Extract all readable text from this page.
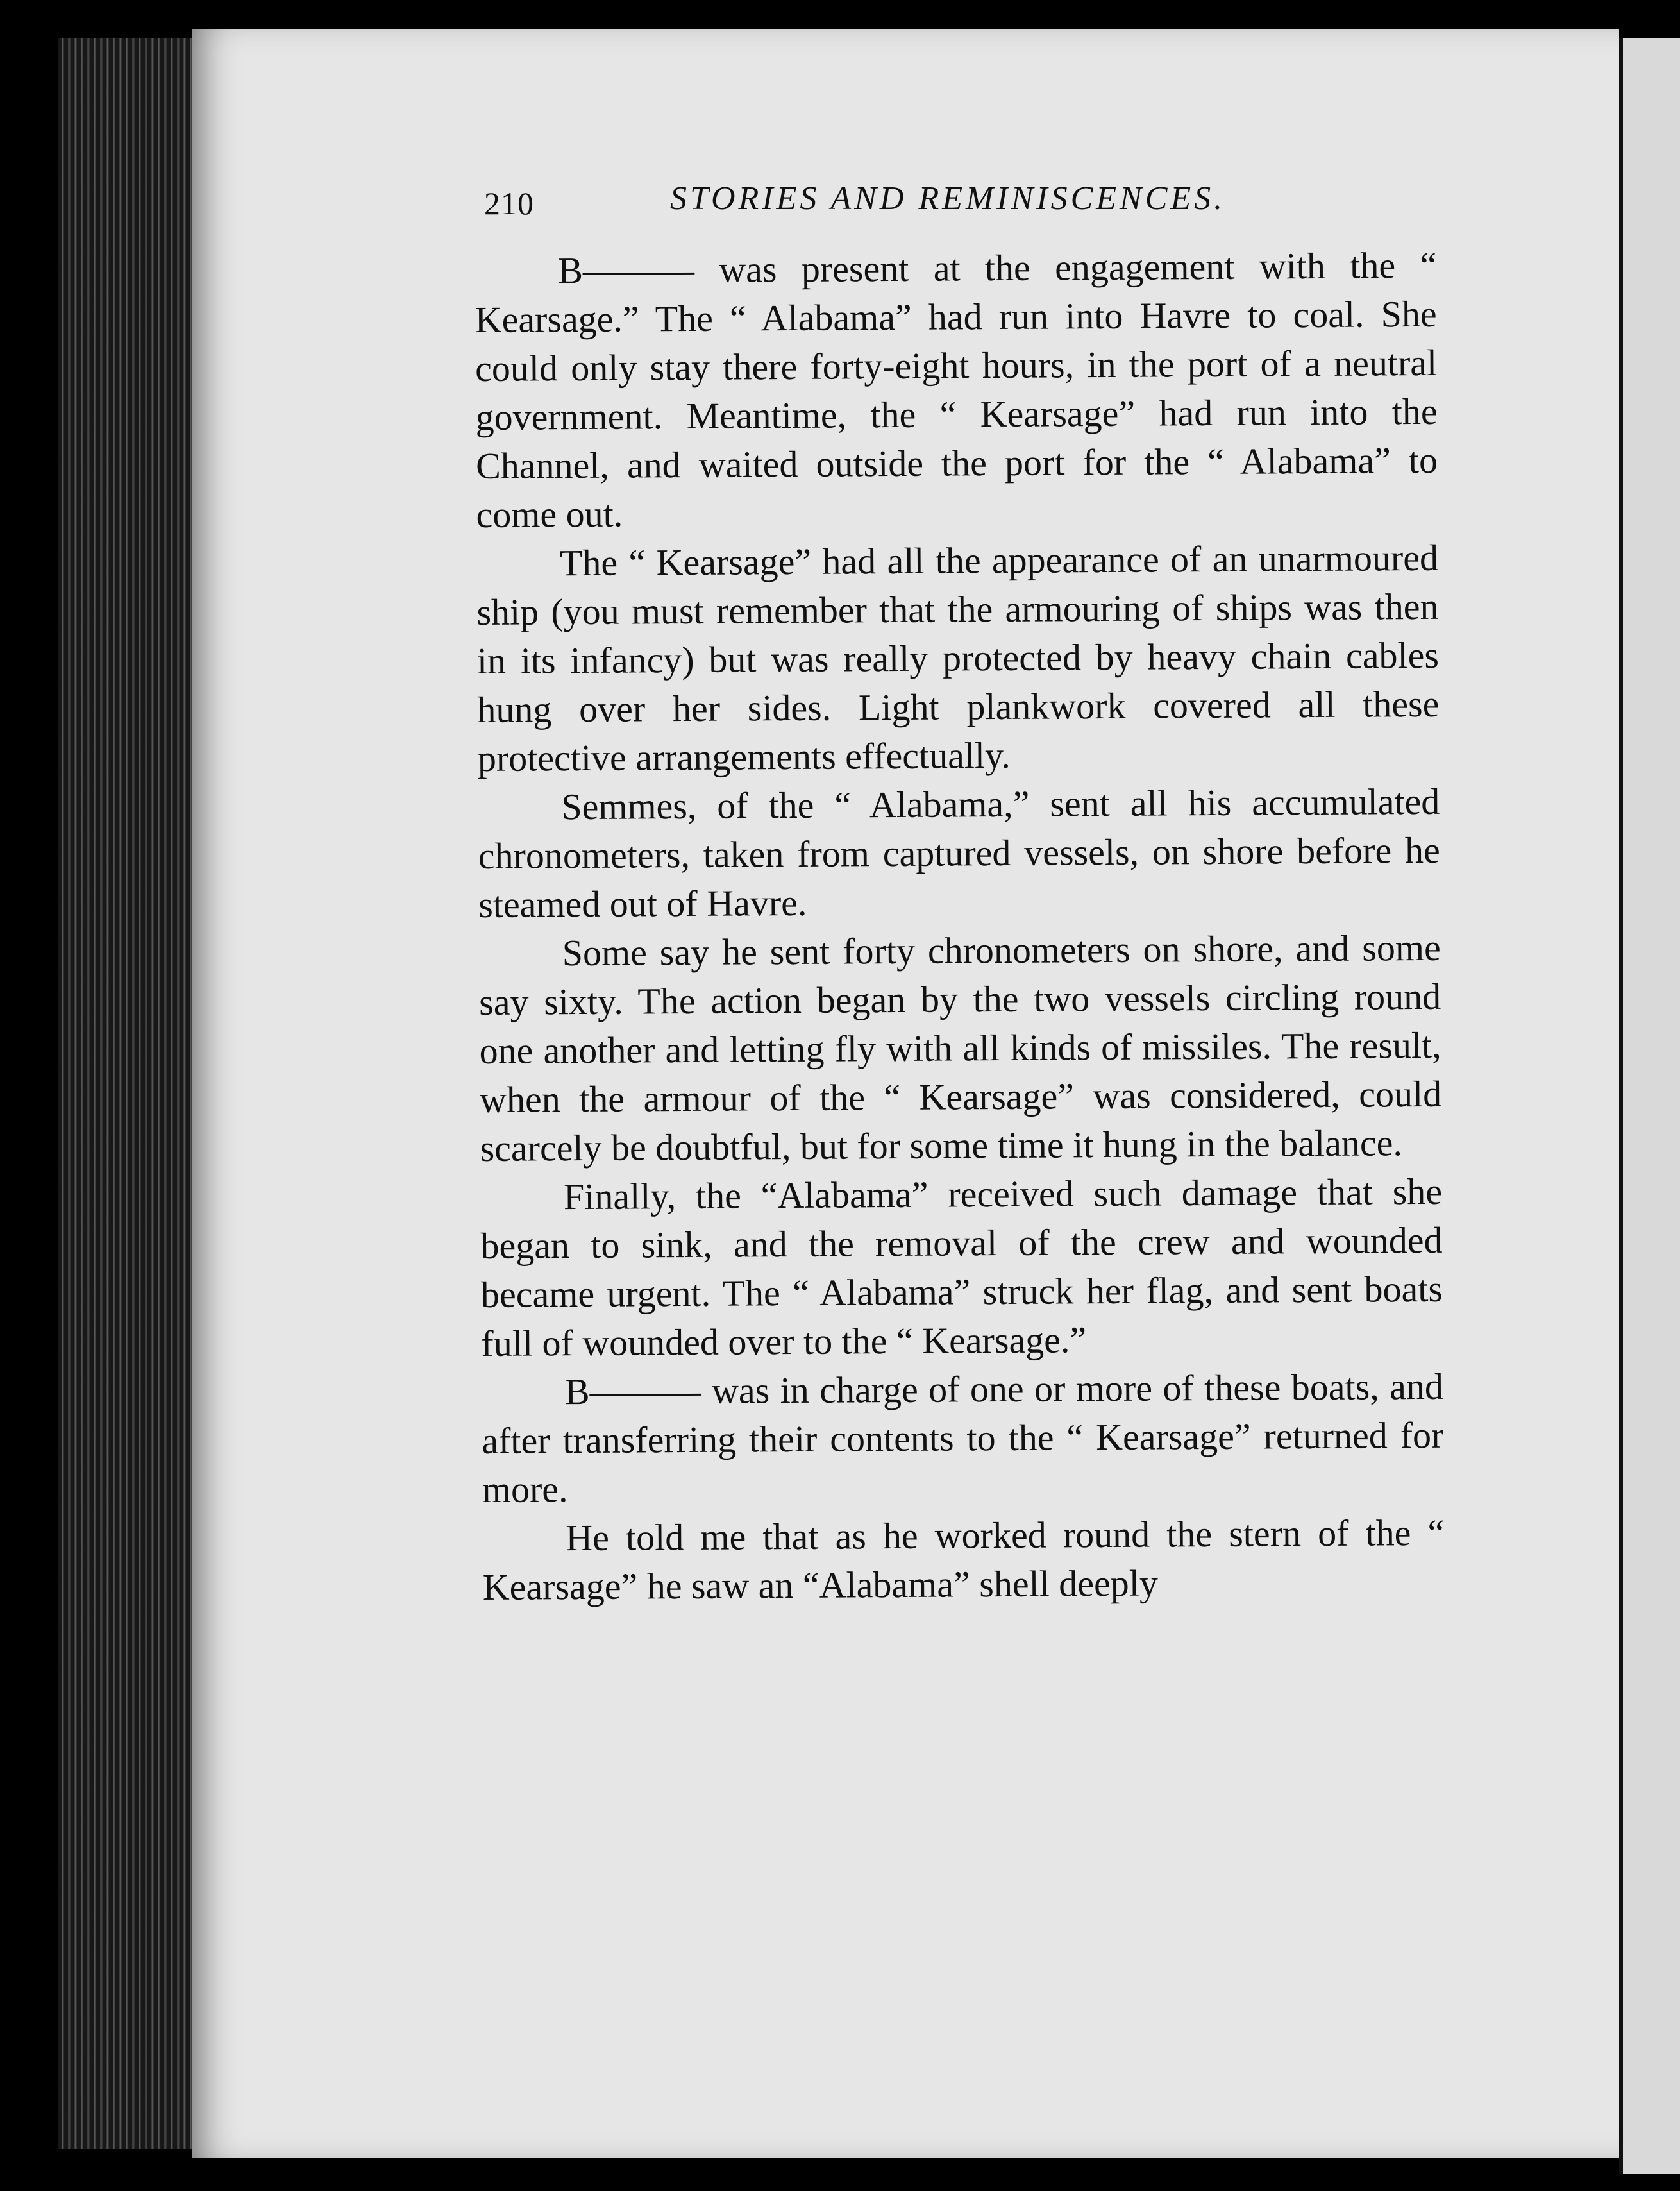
210	STORIES AND REMINISCENCES.

B——— was present at the engagement with the “ Kearsage.” The “ Alabama” had run into Havre to coal. She could only stay there forty-eight hours, in the port of a neutral government. Meantime, the “ Kearsage” had run into the Channel, and waited outside the port for the “ Alabama” to come out.

The “ Kearsage” had all the appearance of an unarmoured ship (you must remember that the armouring of ships was then in its infancy) but was really protected by heavy chain cables hung over her sides. Light plankwork covered all these protective arrangements effectually.

Semmes, of the “ Alabama,” sent all his accumulated chronometers, taken from captured vessels, on shore before he steamed out of Havre.

Some say he sent forty chronometers on shore, and some say sixty. The action began by the two vessels circling round one another and letting fly with all kinds of missiles. The result, when the armour of the “ Kearsage” was considered, could scarcely be doubtful, but for some time it hung in the balance.

Finally, the “Alabama” received such damage that she began to sink, and the removal of the crew and wounded became urgent. The “ Alabama” struck her flag, and sent boats full of wounded over to the “ Kearsage.”

B——— was in charge of one or more of these boats, and after transferring their contents to the “ Kearsage” returned for more.

He told me that as he worked round the stern of the “ Kearsage” he saw an “Alabama” shell deeply
